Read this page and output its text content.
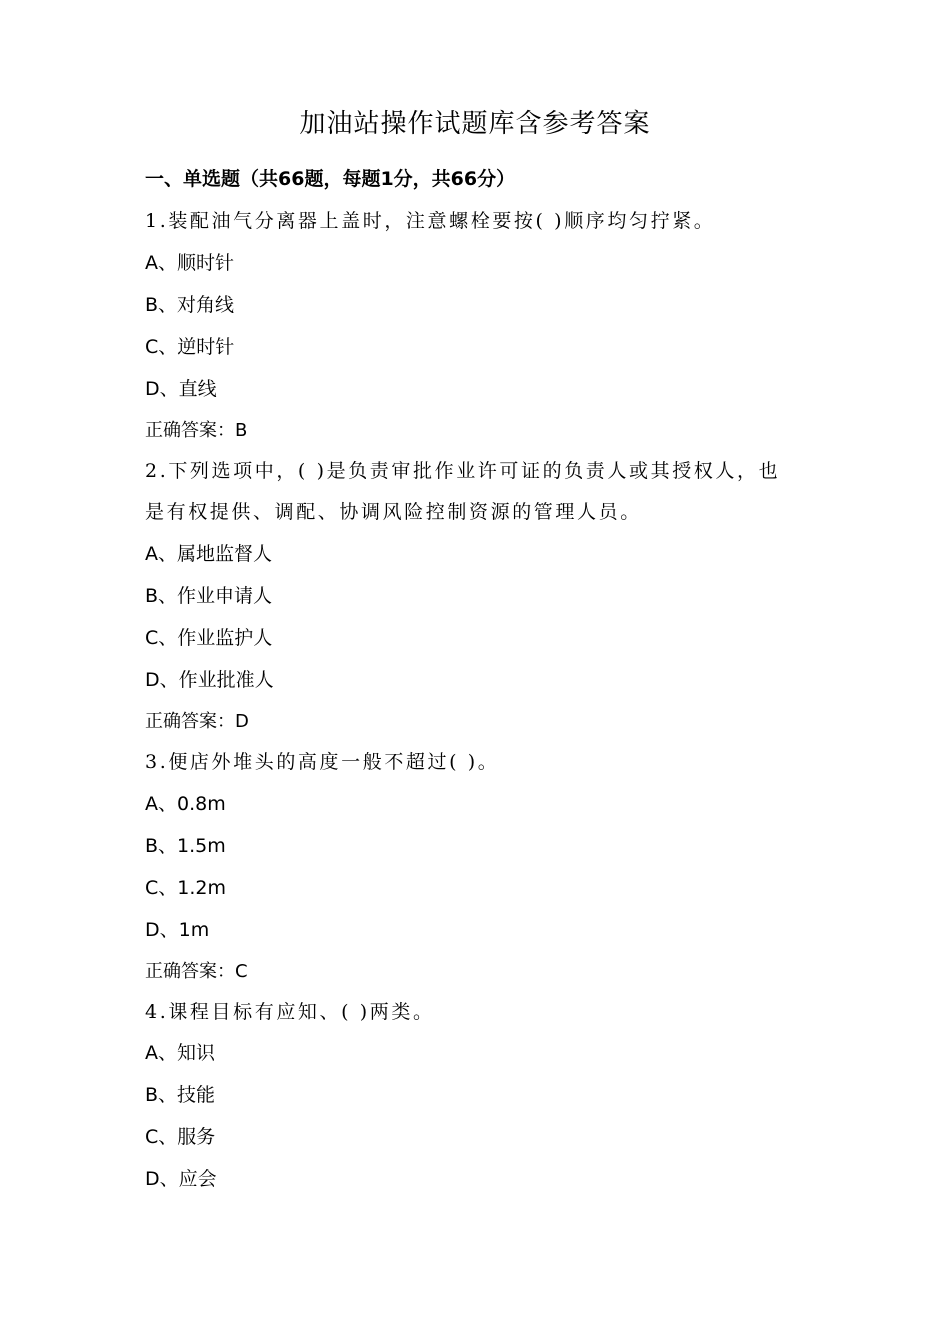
加油站操作试题库含参考答案
一、单选题（共66题，每题1分，共66分）
1.装配油气分离器上盖时，注意螺栓要按( )顺序均匀拧紧。
A、顺时针
B、对角线
C、逆时针
D、直线
正确答案：B
2.下列选项中，( )是负责审批作业许可证的负责人或其授权人，也
是有权提供、调配、协调风险控制资源的管理人员。
A、属地监督人
B、作业申请人
C、作业监护人
D、作业批准人
正确答案：D
3.便店外堆头的高度一般不超过( )。
A、0.8m
B、1.5m
C、1.2m
D、1m
正确答案：C
4.课程目标有应知、( )两类。
A、知识
B、技能
C、服务
D、应会
